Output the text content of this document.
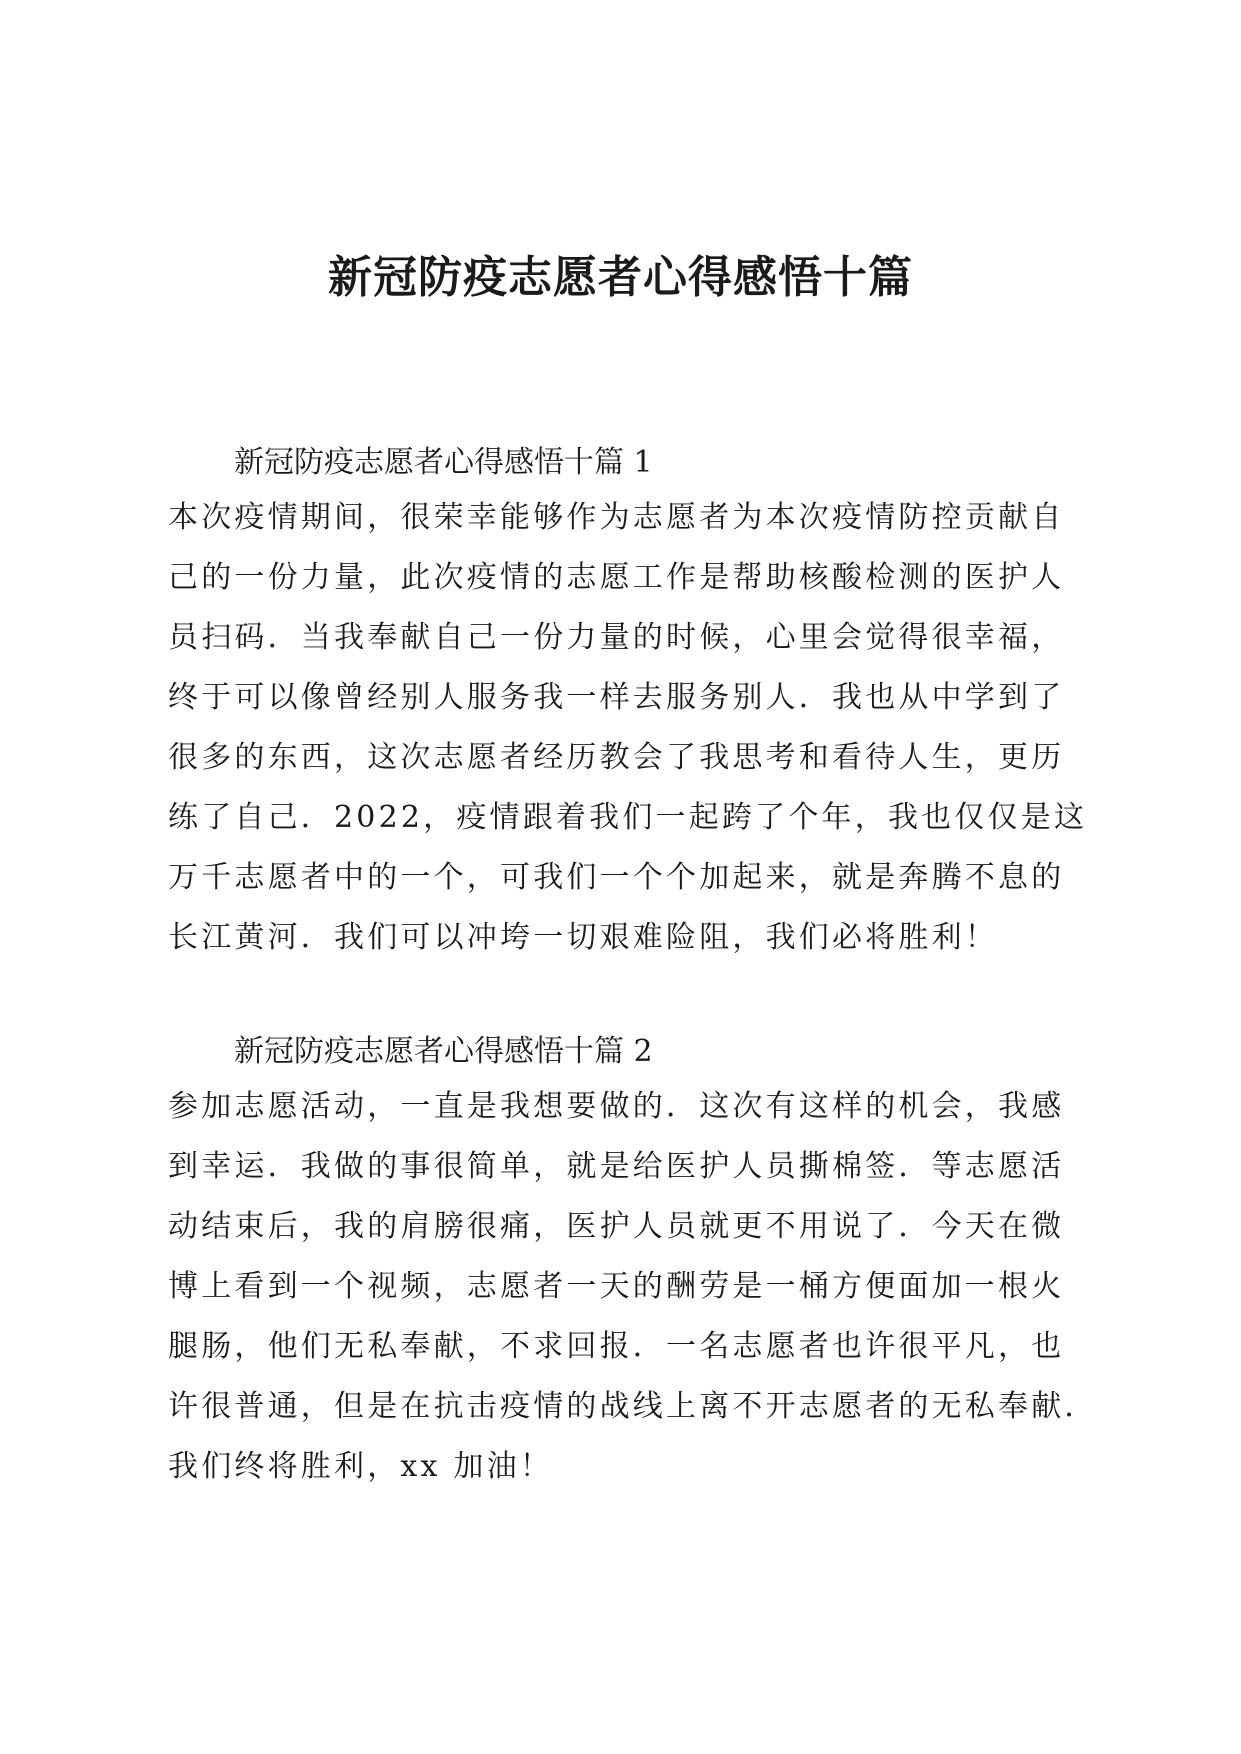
新冠防疫志愿者心得感悟十篇
新冠防疫志愿者心得感悟十篇 1
本次疫情期间，很荣幸能够作为志愿者为本次疫情防控贡献自
己的一份力量，此次疫情的志愿工作是帮助核酸检测的医护人
员扫码．当我奉献自己一份力量的时候，心里会觉得很幸福，
终于可以像曾经别人服务我一样去服务别人．我也从中学到了
很多的东西，这次志愿者经历教会了我思考和看待人生，更历
练了自己．2022，疫情跟着我们一起跨了个年，我也仅仅是这
万千志愿者中的一个，可我们一个个加起来，就是奔腾不息的
长江黄河．我们可以冲垮一切艰难险阻，我们必将胜利！
新冠防疫志愿者心得感悟十篇 2
参加志愿活动，一直是我想要做的．这次有这样的机会，我感
到幸运．我做的事很简单，就是给医护人员撕棉签．等志愿活
动结束后，我的肩膀很痛，医护人员就更不用说了．今天在微
博上看到一个视频，志愿者一天的酬劳是一桶方便面加一根火
腿肠，他们无私奉献，不求回报．一名志愿者也许很平凡，也
许很普通，但是在抗击疫情的战线上离不开志愿者的无私奉献．
我们终将胜利，xx 加油！
